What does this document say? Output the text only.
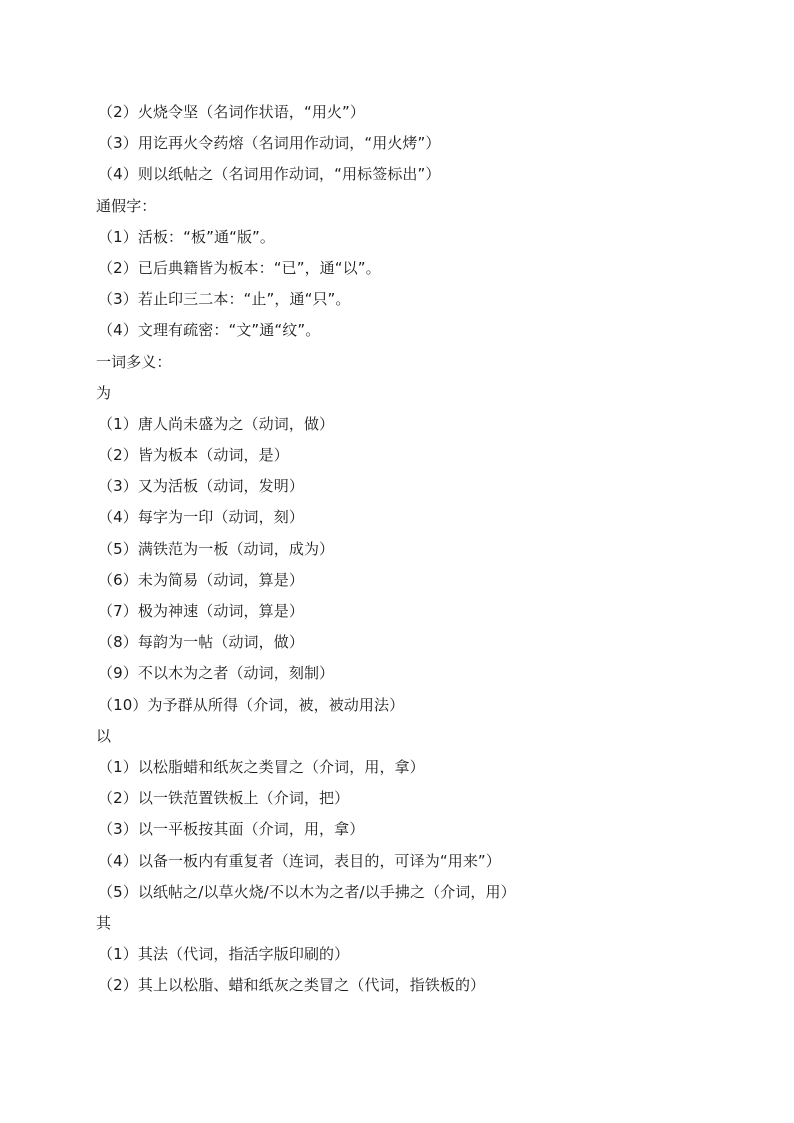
（2）火烧令坚（名词作状语，“用火”）
（3）用讫再火令药熔（名词用作动词，“用火烤”）
（4）则以纸帖之（名词用作动词，“用标签标出”）
通假字：
（1）活板：“板”通“版”。
（2）已后典籍皆为板本：“已”，通“以”。
（3）若止印三二本：“止”，通“只”。
（4）文理有疏密：“文”通“纹”。
一词多义：
为
（1）唐人尚未盛为之（动词，做）
（2）皆为板本（动词，是）
（3）又为活板（动词，发明）
（4）每字为一印（动词，刻）
（5）满铁范为一板（动词，成为）
（6）未为简易（动词，算是）
（7）极为神速（动词，算是）
（8）每韵为一帖（动词，做）
（9）不以木为之者（动词，刻制）
（10）为予群从所得（介词，被，被动用法）
以
（1）以松脂蜡和纸灰之类冒之（介词，用，拿）
（2）以一铁范置铁板上（介词，把）
（3）以一平板按其面（介词，用，拿）
（4）以备一板内有重复者（连词，表目的，可译为“用来”）
（5）以纸帖之/以草火烧/不以木为之者/以手拂之（介词，用）
其
（1）其法（代词，指活字版印刷的）
（2）其上以松脂、蜡和纸灰之类冒之（代词，指铁板的）
